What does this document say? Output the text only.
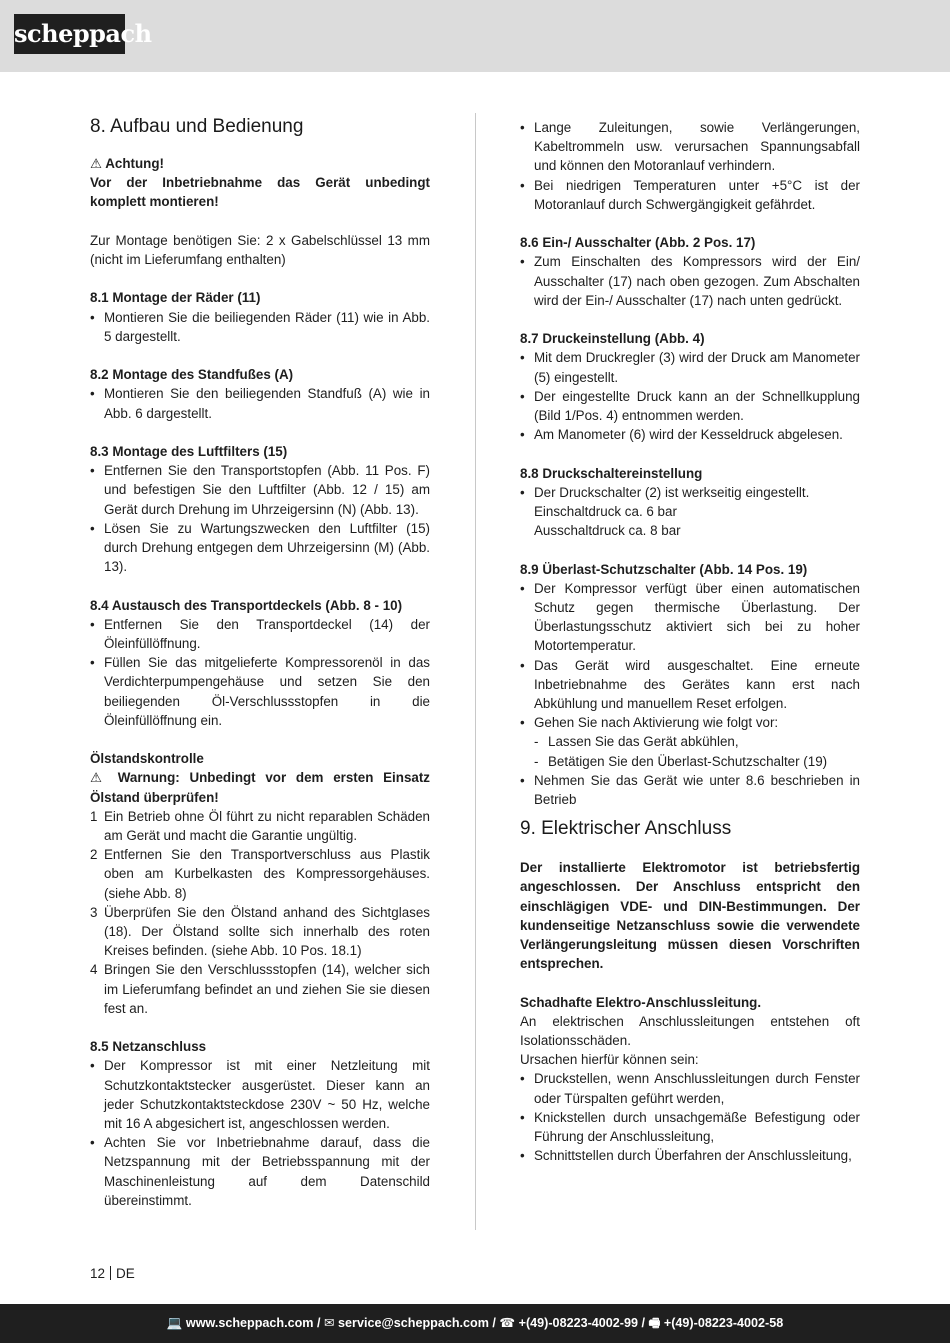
scheppach
8. Aufbau und Bedienung
⚠ Achtung!
Vor der Inbetriebnahme das Gerät unbedingt komplett montieren!
Zur Montage benötigen Sie: 2 x Gabelschlüssel 13 mm (nicht im Lieferumfang enthalten)
8.1 Montage der Räder (11)
• Montieren Sie die beiliegenden Räder (11) wie in Abb. 5 dargestellt.
8.2 Montage des Standfußes (A)
• Montieren Sie den beiliegenden Standfuß (A) wie in Abb. 6 dargestellt.
8.3 Montage des Luftfilters (15)
• Entfernen Sie den Transportstopfen (Abb. 11 Pos. F) und befestigen Sie den Luftfilter (Abb. 12 / 15) am Gerät durch Drehung im Uhrzeigersinn (N) (Abb. 13).
• Lösen Sie zu Wartungszwecken den Luftfilter (15) durch Drehung entgegen dem Uhrzeigersinn (M) (Abb. 13).
8.4 Austausch des Transportdeckels (Abb. 8 - 10)
• Entfernen Sie den Transportdeckel (14) der Öleinfüllöffnung.
• Füllen Sie das mitgelieferte Kompressorenöl in das Verdichterpumpengehäuse und setzen Sie den beiliegenden Öl-Verschlussstopfen in die Öleinfüllöffnung ein.
Ölstandskontrolle
⚠ Warnung: Unbedingt vor dem ersten Einsatz Ölstand überprüfen!
1 Ein Betrieb ohne Öl führt zu nicht reparablen Schäden am Gerät und macht die Garantie ungültig.
2 Entfernen Sie den Transportverschluss aus Plastik oben am Kurbelkasten des Kompressorgehäuses. (siehe Abb. 8)
3 Überprüfen Sie den Ölstand anhand des Sichtglases (18). Der Ölstand sollte sich innerhalb des roten Kreises befinden. (siehe Abb. 10 Pos. 18.1)
4 Bringen Sie den Verschlussstopfen (14), welcher sich im Lieferumfang befindet an und ziehen Sie sie diesen fest an.
8.5 Netzanschluss
• Der Kompressor ist mit einer Netzleitung mit Schutzkontaktstecker ausgerüstet. Dieser kann an jeder Schutzkontaktsteckdose 230V ~ 50 Hz, welche mit 16 A abgesichert ist, angeschlossen werden.
• Achten Sie vor Inbetriebnahme darauf, dass die Netzspannung mit der Betriebsspannung mit der Maschinenleistung auf dem Datenschild übereinstimmt.
• Lange Zuleitungen, sowie Verlängerungen, Kabeltrommeln usw. verursachen Spannungsabfall und können den Motoranlauf verhindern.
• Bei niedrigen Temperaturen unter +5°C ist der Motoranlauf durch Schwergängigkeit gefährdet.
8.6 Ein-/ Ausschalter (Abb. 2 Pos. 17)
• Zum Einschalten des Kompressors wird der Ein/ Ausschalter (17) nach oben gezogen. Zum Abschalten wird der Ein-/ Ausschalter (17) nach unten gedrückt.
8.7 Druckeinstellung (Abb. 4)
• Mit dem Druckregler (3) wird der Druck am Manometer (5) eingestellt.
• Der eingestellte Druck kann an der Schnellkupplung (Bild 1/Pos. 4) entnommen werden.
• Am Manometer (6) wird der Kesseldruck abgelesen.
8.8 Druckschaltereinstellung
• Der Druckschalter (2) ist werkseitig eingestellt.
Einschaltdruck ca. 6 bar
Ausschaltdruck ca. 8 bar
8.9 Überlast-Schutzschalter (Abb. 14 Pos. 19)
• Der Kompressor verfügt über einen automatischen Schutz gegen thermische Überlastung. Der Überlastungsschutz aktiviert sich bei zu hoher Motortemperatur.
• Das Gerät wird ausgeschaltet. Eine erneute Inbetriebnahme des Gerätes kann erst nach Abkühlung und manuellem Reset erfolgen.
• Gehen Sie nach Aktivierung wie folgt vor:
- Lassen Sie das Gerät abkühlen,
- Betätigen Sie den Überlast-Schutzschalter (19)
• Nehmen Sie das Gerät wie unter 8.6 beschrieben in Betrieb
9. Elektrischer Anschluss
Der installierte Elektromotor ist betriebsfertig angeschlossen. Der Anschluss entspricht den einschlägigen VDE- und DIN-Bestimmungen. Der kundenseitige Netzanschluss sowie die verwendete Verlängerungsleitung müssen diesen Vorschriften entsprechen.
Schadhafte Elektro-Anschlussleitung.
An elektrischen Anschlussleitungen entstehen oft Isolationsschäden.
Ursachen hierfür können sein:
• Druckstellen, wenn Anschlussleitungen durch Fenster oder Türspalten geführt werden,
• Knickstellen durch unsachgemäße Befestigung oder Führung der Anschlussleitung,
• Schnittstellen durch Überfahren der Anschlussleitung,
12 DE
💻 www.scheppach.com / ✉ service@scheppach.com / ☎ +(49)-08223-4002-99 / 🖷 +(49)-08223-4002-58
